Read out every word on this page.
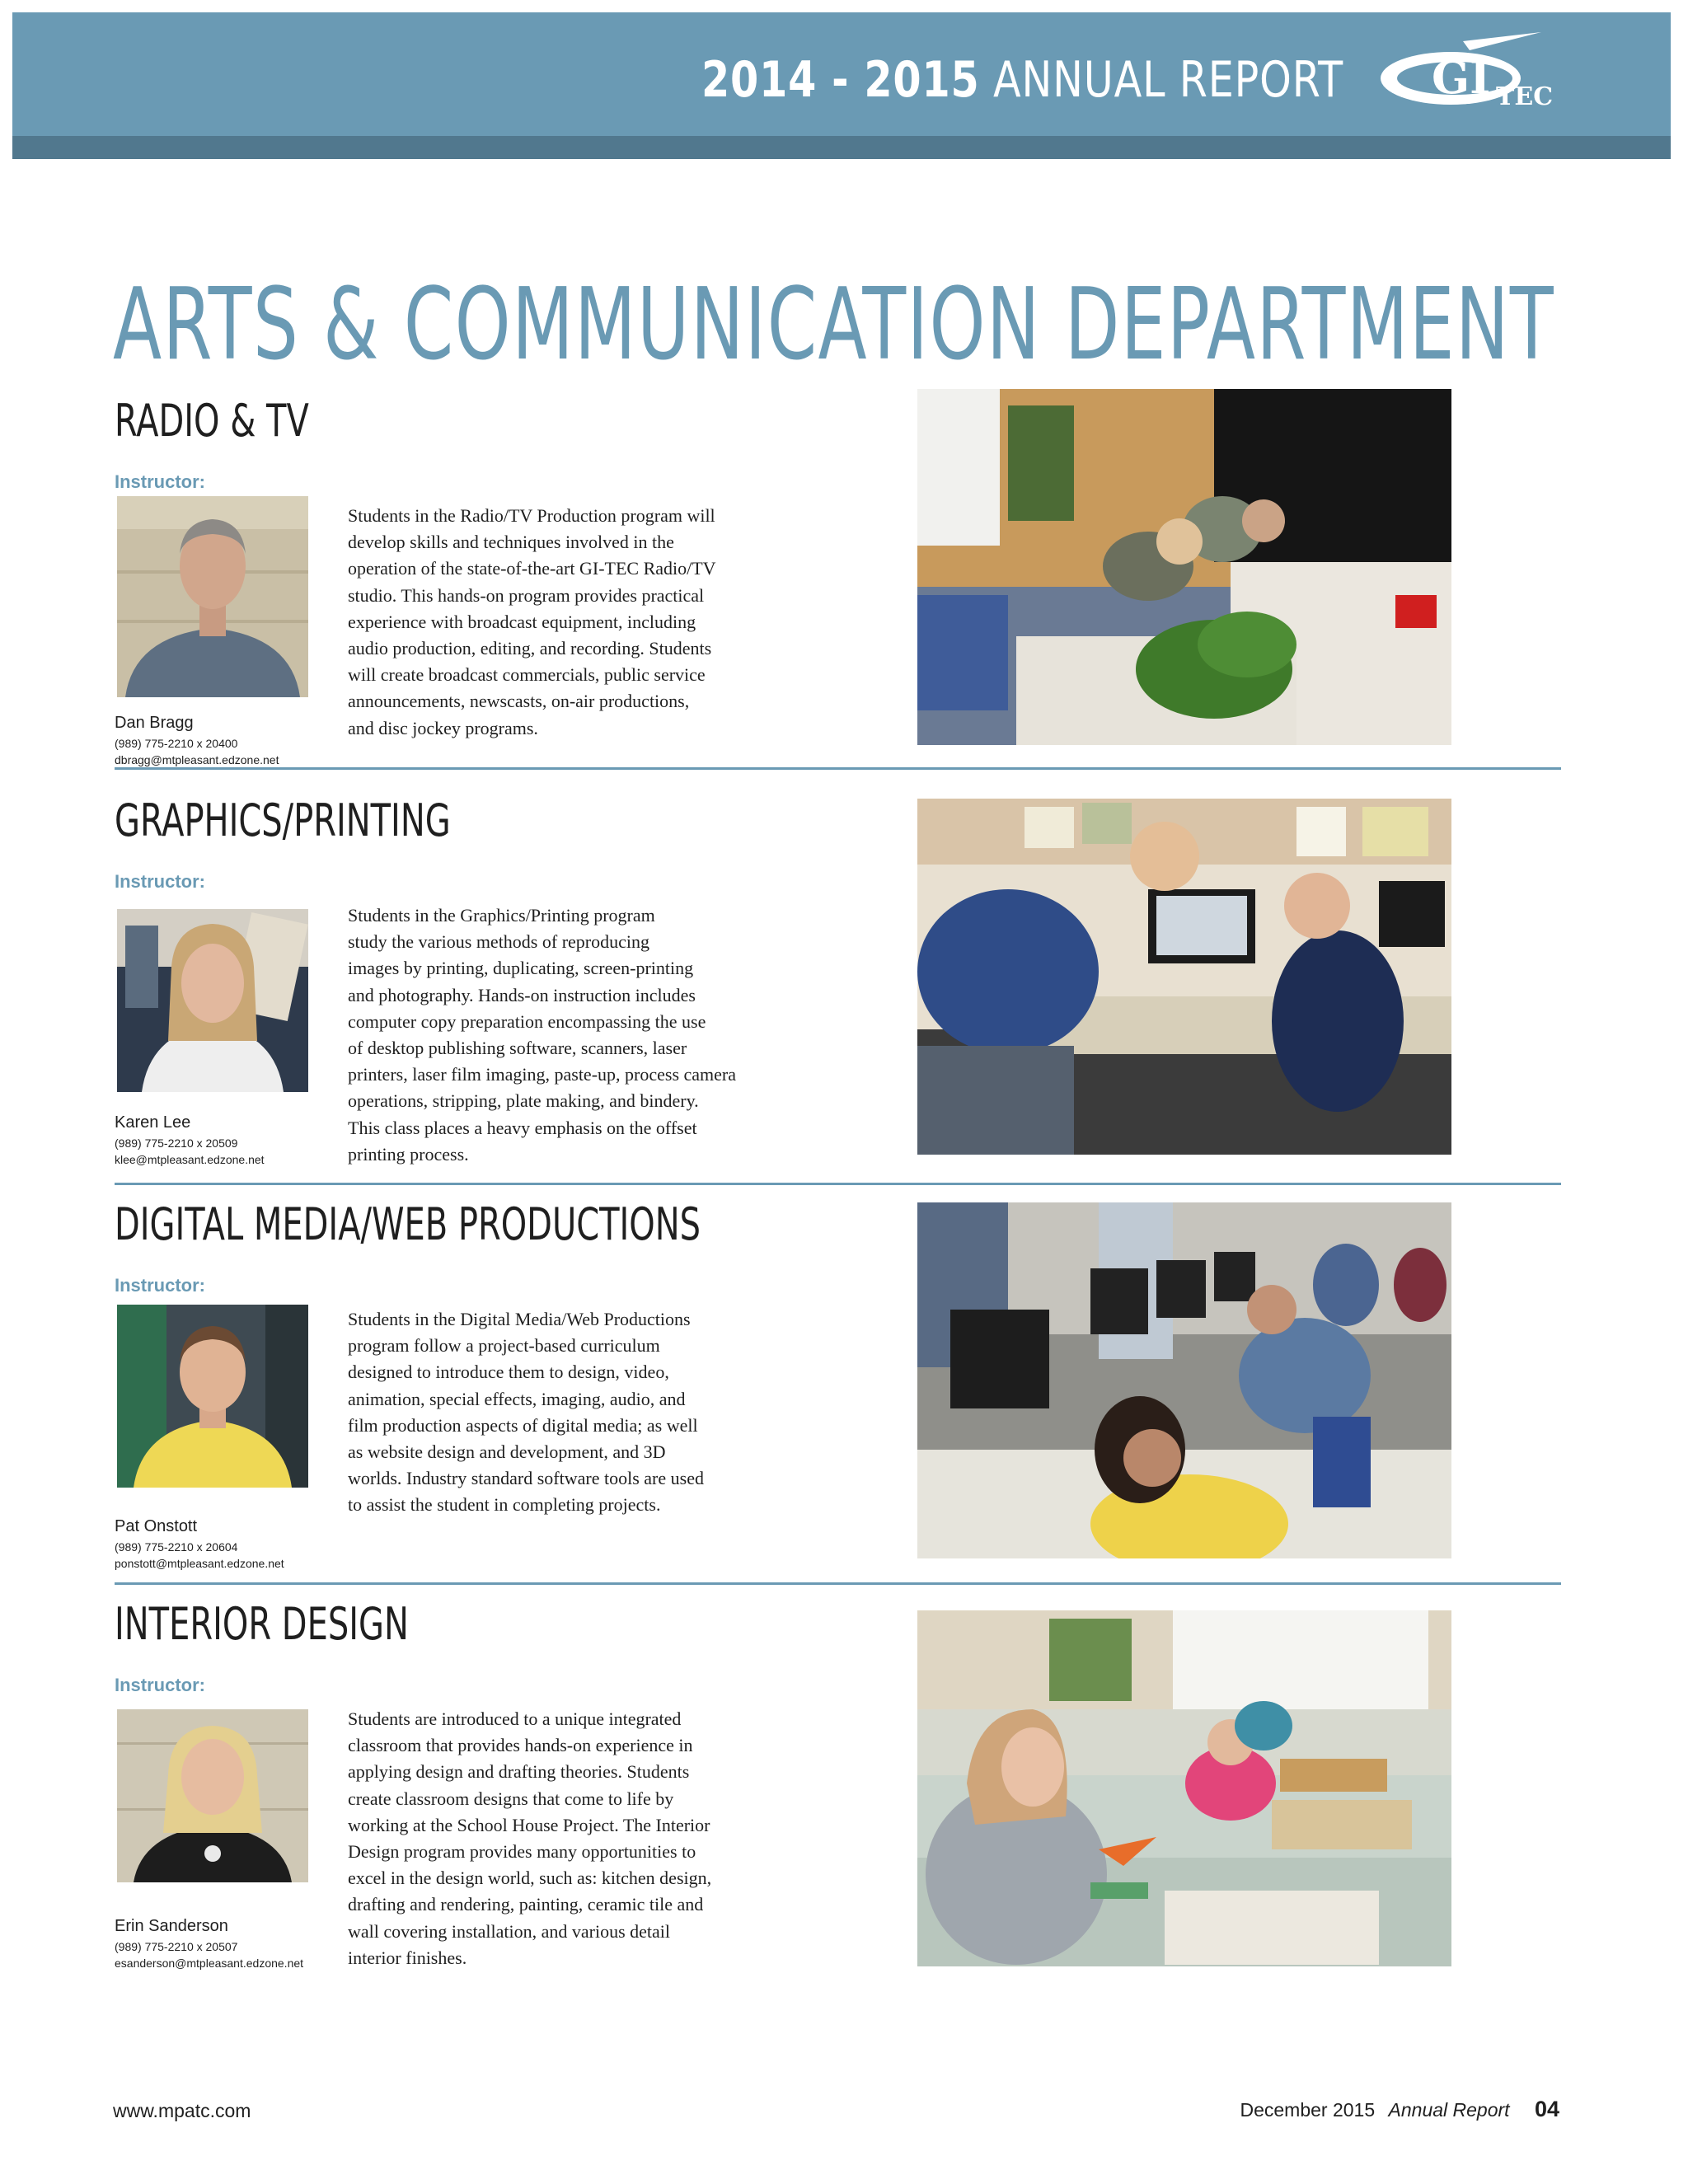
2014 - 2015 ANNUAL REPORT GI TEC
ARTS & COMMUNICATION DEPARTMENT
RADIO & TV
Instructor:
Dan Bragg
(989) 775-2210 x 20400
dbragg@mtpleasant.edzone.net
Students in the Radio/TV Production program will
develop skills and techniques involved in the
operation of the state-of-the-art GI-TEC Radio/TV
studio. This hands-on program provides practical
experience with broadcast equipment, including
audio production, editing, and recording. Students
will create broadcast commercials, public service
announcements, newscasts, on-air productions,
and disc jockey programs.
GRAPHICS/PRINTING
Instructor:
Karen Lee
(989) 775-2210 x 20509
klee@mtpleasant.edzone.net
Students in the Graphics/Printing program
study the various methods of reproducing
images by printing, duplicating, screen-printing
and photography. Hands-on instruction includes
computer copy preparation encompassing the use
of desktop publishing software, scanners, laser
printers, laser film imaging, paste-up, process camera
operations, stripping, plate making, and bindery.
This class places a heavy emphasis on the offset
printing process.
DIGITAL MEDIA/WEB PRODUCTIONS
Instructor:
Pat Onstott
(989) 775-2210 x 20604
ponstott@mtpleasant.edzone.net
Students in the Digital Media/Web Productions
program follow a project-based curriculum
designed to introduce them to design, video,
animation, special effects, imaging, audio, and
film production aspects of digital media; as well
as website design and development, and 3D
worlds. Industry standard software tools are used
to assist the student in completing projects.
INTERIOR DESIGN
Instructor:
Erin Sanderson
(989) 775-2210 x 20507
esanderson@mtpleasant.edzone.net
Students are introduced to a unique integrated
classroom that provides hands-on experience in
applying design and drafting theories. Students
create classroom designs that come to life by
working at the School House Project. The Interior
Design program provides many opportunities to
excel in the design world, such as: kitchen design,
drafting and rendering, painting, ceramic tile and
wall covering installation, and various detail
interior finishes.
www.mpatc.com	December 2015 Annual Report 04
